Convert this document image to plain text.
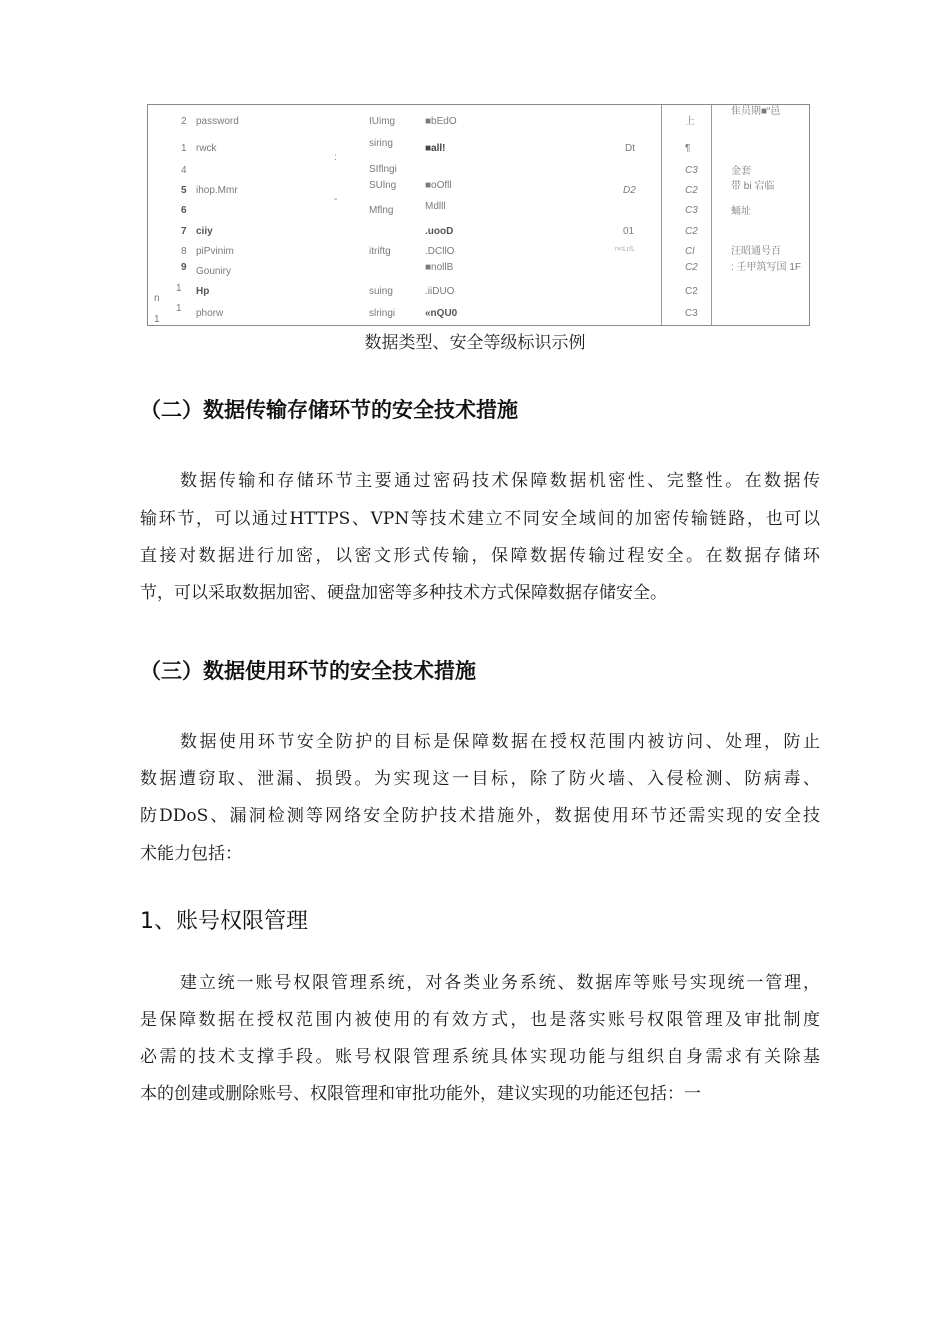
2
1
4
5
6
7
8
9
1
1
n
1
password
rwck
ihop.Mmr
ciiy
piPvinim
Gouniry
Hp
phorw
:
-
IUimg
siring
SIflngi
SUlng
Mflng
itriftg
suing
slringi
■bEdO
■all!
■oOfll
Mdlll
.uooD
.DCllO
■nollB
.iiDUO
«nQU0
Dt
D2
01
n<Lr/L
上
¶
C3
C2
C3
C2
Cl
C2
C2
C3
隹员期■“邑
金套
带 bi 宕临
蛹址
汪昭通号百
: 壬甲筑写国 1F
数据类型、安全等级标识示例
（二）数据传输存储环节的安全技术措施
数据传输和存储环节主要通过密码技术保障数据机密性、完整性。在数据传
输环节，可以通过HTTPS、VPN等技术建立不同安全域间的加密传输链路，也可以
直接对数据进行加密，以密文形式传输，保障数据传输过程安全。在数据存储环
节，可以采取数据加密、硬盘加密等多种技术方式保障数据存储安全。
（三）数据使用环节的安全技术措施
数据使用环节安全防护的目标是保障数据在授权范围内被访问、处理，防止
数据遭窃取、泄漏、损毁。为实现这一目标，除了防火墙、入侵检测、防病毒、
防DDoS、漏洞检测等网络安全防护技术措施外，数据使用环节还需实现的安全技
术能力包括：
1、账号权限管理
建立统一账号权限管理系统，对各类业务系统、数据库等账号实现统一管理，
是保障数据在授权范围内被使用的有效方式，也是落实账号权限管理及审批制度
必需的技术支撑手段。账号权限管理系统具体实现功能与组织自身需求有关除基
本的创建或删除账号、权限管理和审批功能外，建议实现的功能还包括：一
